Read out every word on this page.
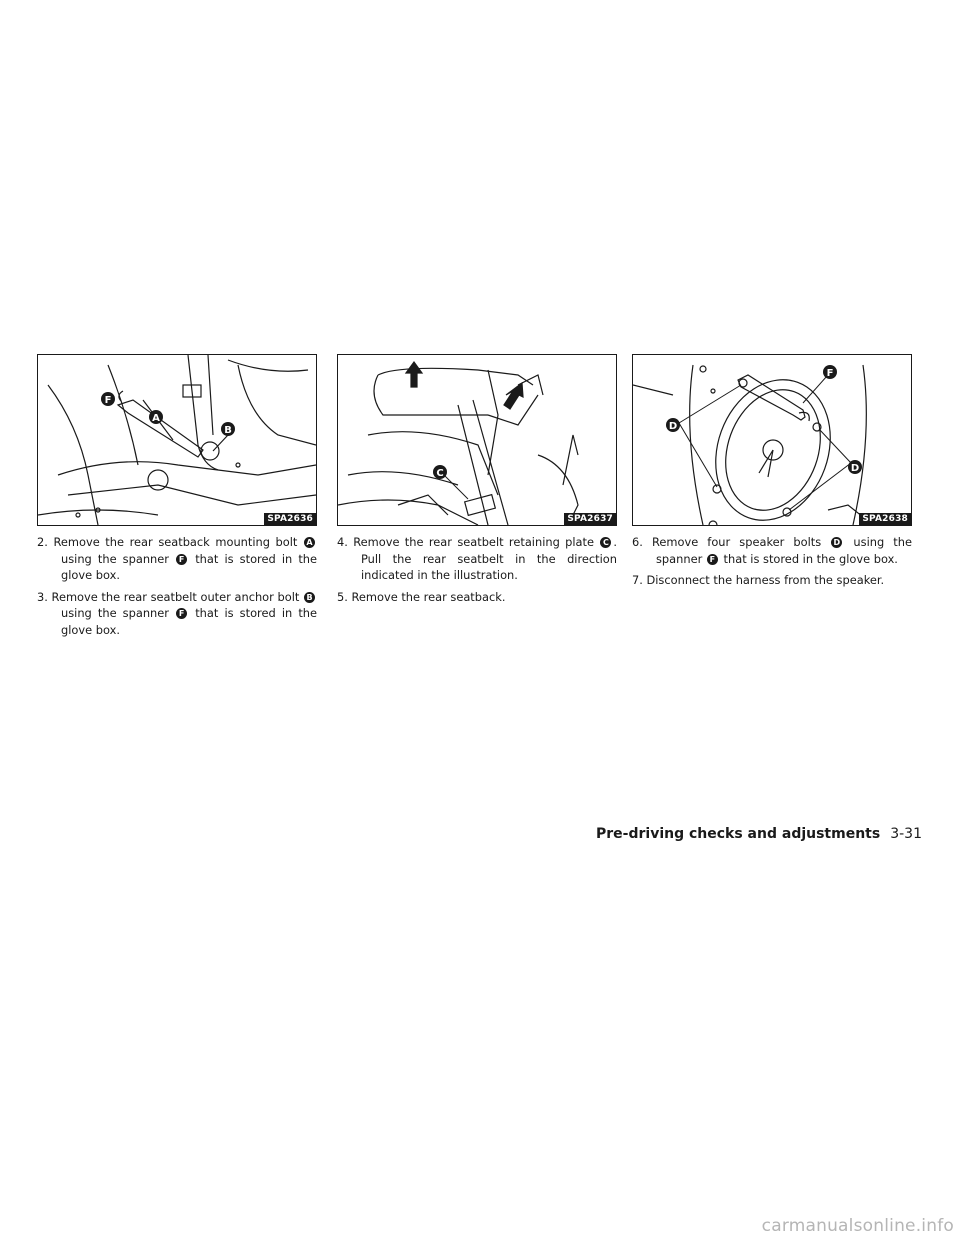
F
A
B
SPA2636
2. Remove the rear seatback mounting bolt A using the spanner F that is stored in the glove box.
3. Remove the rear seatbelt outer anchor bolt B using the spanner F that is stored in the glove box.
C
SPA2637
4. Remove the rear seatbelt retaining plate C . Pull the rear seatbelt in the direction indicated in the illustration.
5. Remove the rear seatback.
F
D
D
SPA2638
6. Remove four speaker bolts D using the spanner F that is stored in the glove box.
7. Disconnect the harness from the speaker.
Pre-driving checks and adjustments 3-31
carmanualsonline.info
